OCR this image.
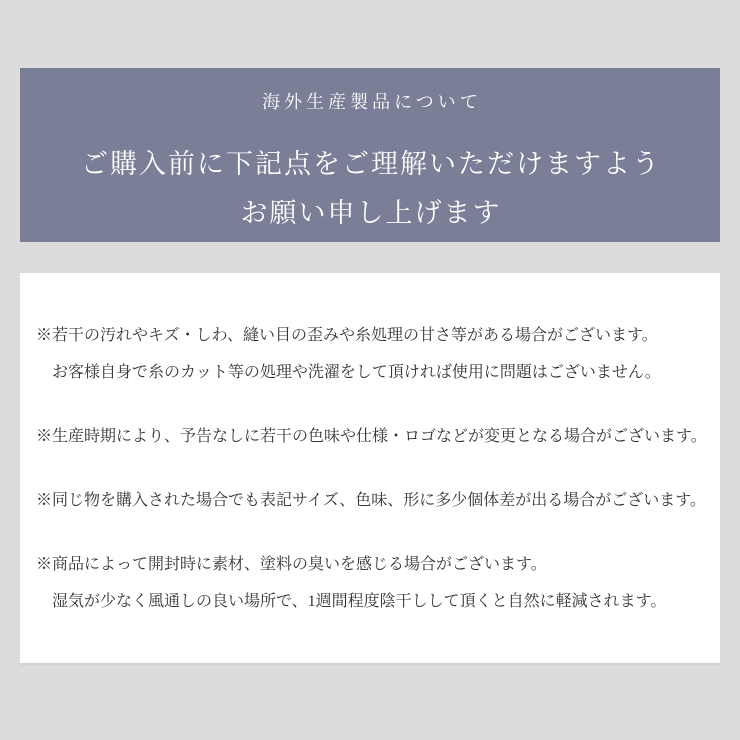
海外生産製品について
ご購入前に下記点をご理解いただけますよう
お願い申し上げます

※若干の汚れやキズ・しわ、縫い目の歪みや糸処理の甘さ等がある場合がございます。
お客様自身で糸のカット等の処理や洗濯をして頂ければ使用に問題はございません。

※生産時期により、予告なしに若干の色味や仕様・ロゴなどが変更となる場合がございます。

※同じ物を購入された場合でも表記サイズ、色味、形に多少個体差が出る場合がございます。

※商品によって開封時に素材、塗料の臭いを感じる場合がございます。
湿気が少なく風通しの良い場所で、1週間程度陰干しして頂くと自然に軽減されます。
